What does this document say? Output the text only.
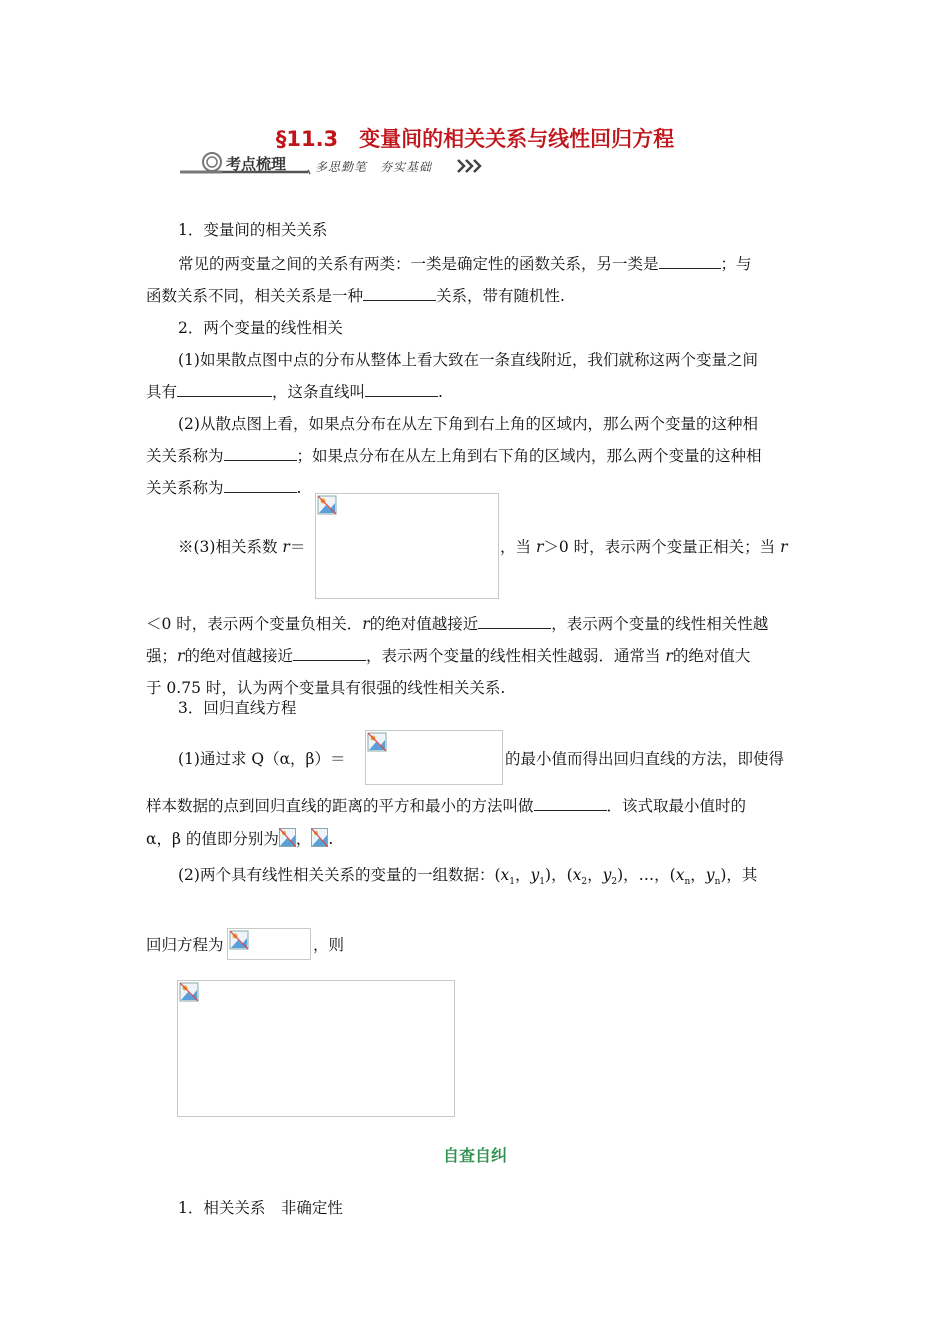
§11.3　变量间的相关关系与线性回归方程
考点梳理 多思勤笔　夯实基础
1．变量间的相关关系
常见的两变量之间的关系有两类：一类是确定性的函数关系，另一类是	；与
函数关系不同，相关关系是一种	关系，带有随机性.
2．两个变量的线性相关
(1)如果散点图中点的分布从整体上看大致在一条直线附近，我们就称这两个变量之间
具有	，这条直线叫	.
(2)从散点图上看，如果点分布在从左下角到右上角的区域内，那么两个变量的这种相
关关系称为	；如果点分布在从左上角到右下角的区域内，那么两个变量的这种相
关关系称为	.
※(3)相关系数 r＝	，当 r＞0 时，表示两个变量正相关；当 r
＜0 时，表示两个变量负相关．r的绝对值越接近	，表示两个变量的线性相关性越
强；r的绝对值越接近	，表示两个变量的线性相关性越弱．通常当 r的绝对值大
于 0.75 时，认为两个变量具有很强的线性相关关系.
3．回归直线方程
(1)通过求 Q（α，β）＝	的最小值而得出回归直线的方法，即使得
样本数据的点到回归直线的距离的平方和最小的方法叫做	．该式取最小值时的
α，β 的值即分别为 ， .
(2)两个具有线性相关关系的变量的一组数据：($x_1$，$y_1$)，($x_2$，$y_2$)，…，($x_n$，$y_n$)，其
回归方程为	，则
自查自纠
1．相关关系　非确定性
